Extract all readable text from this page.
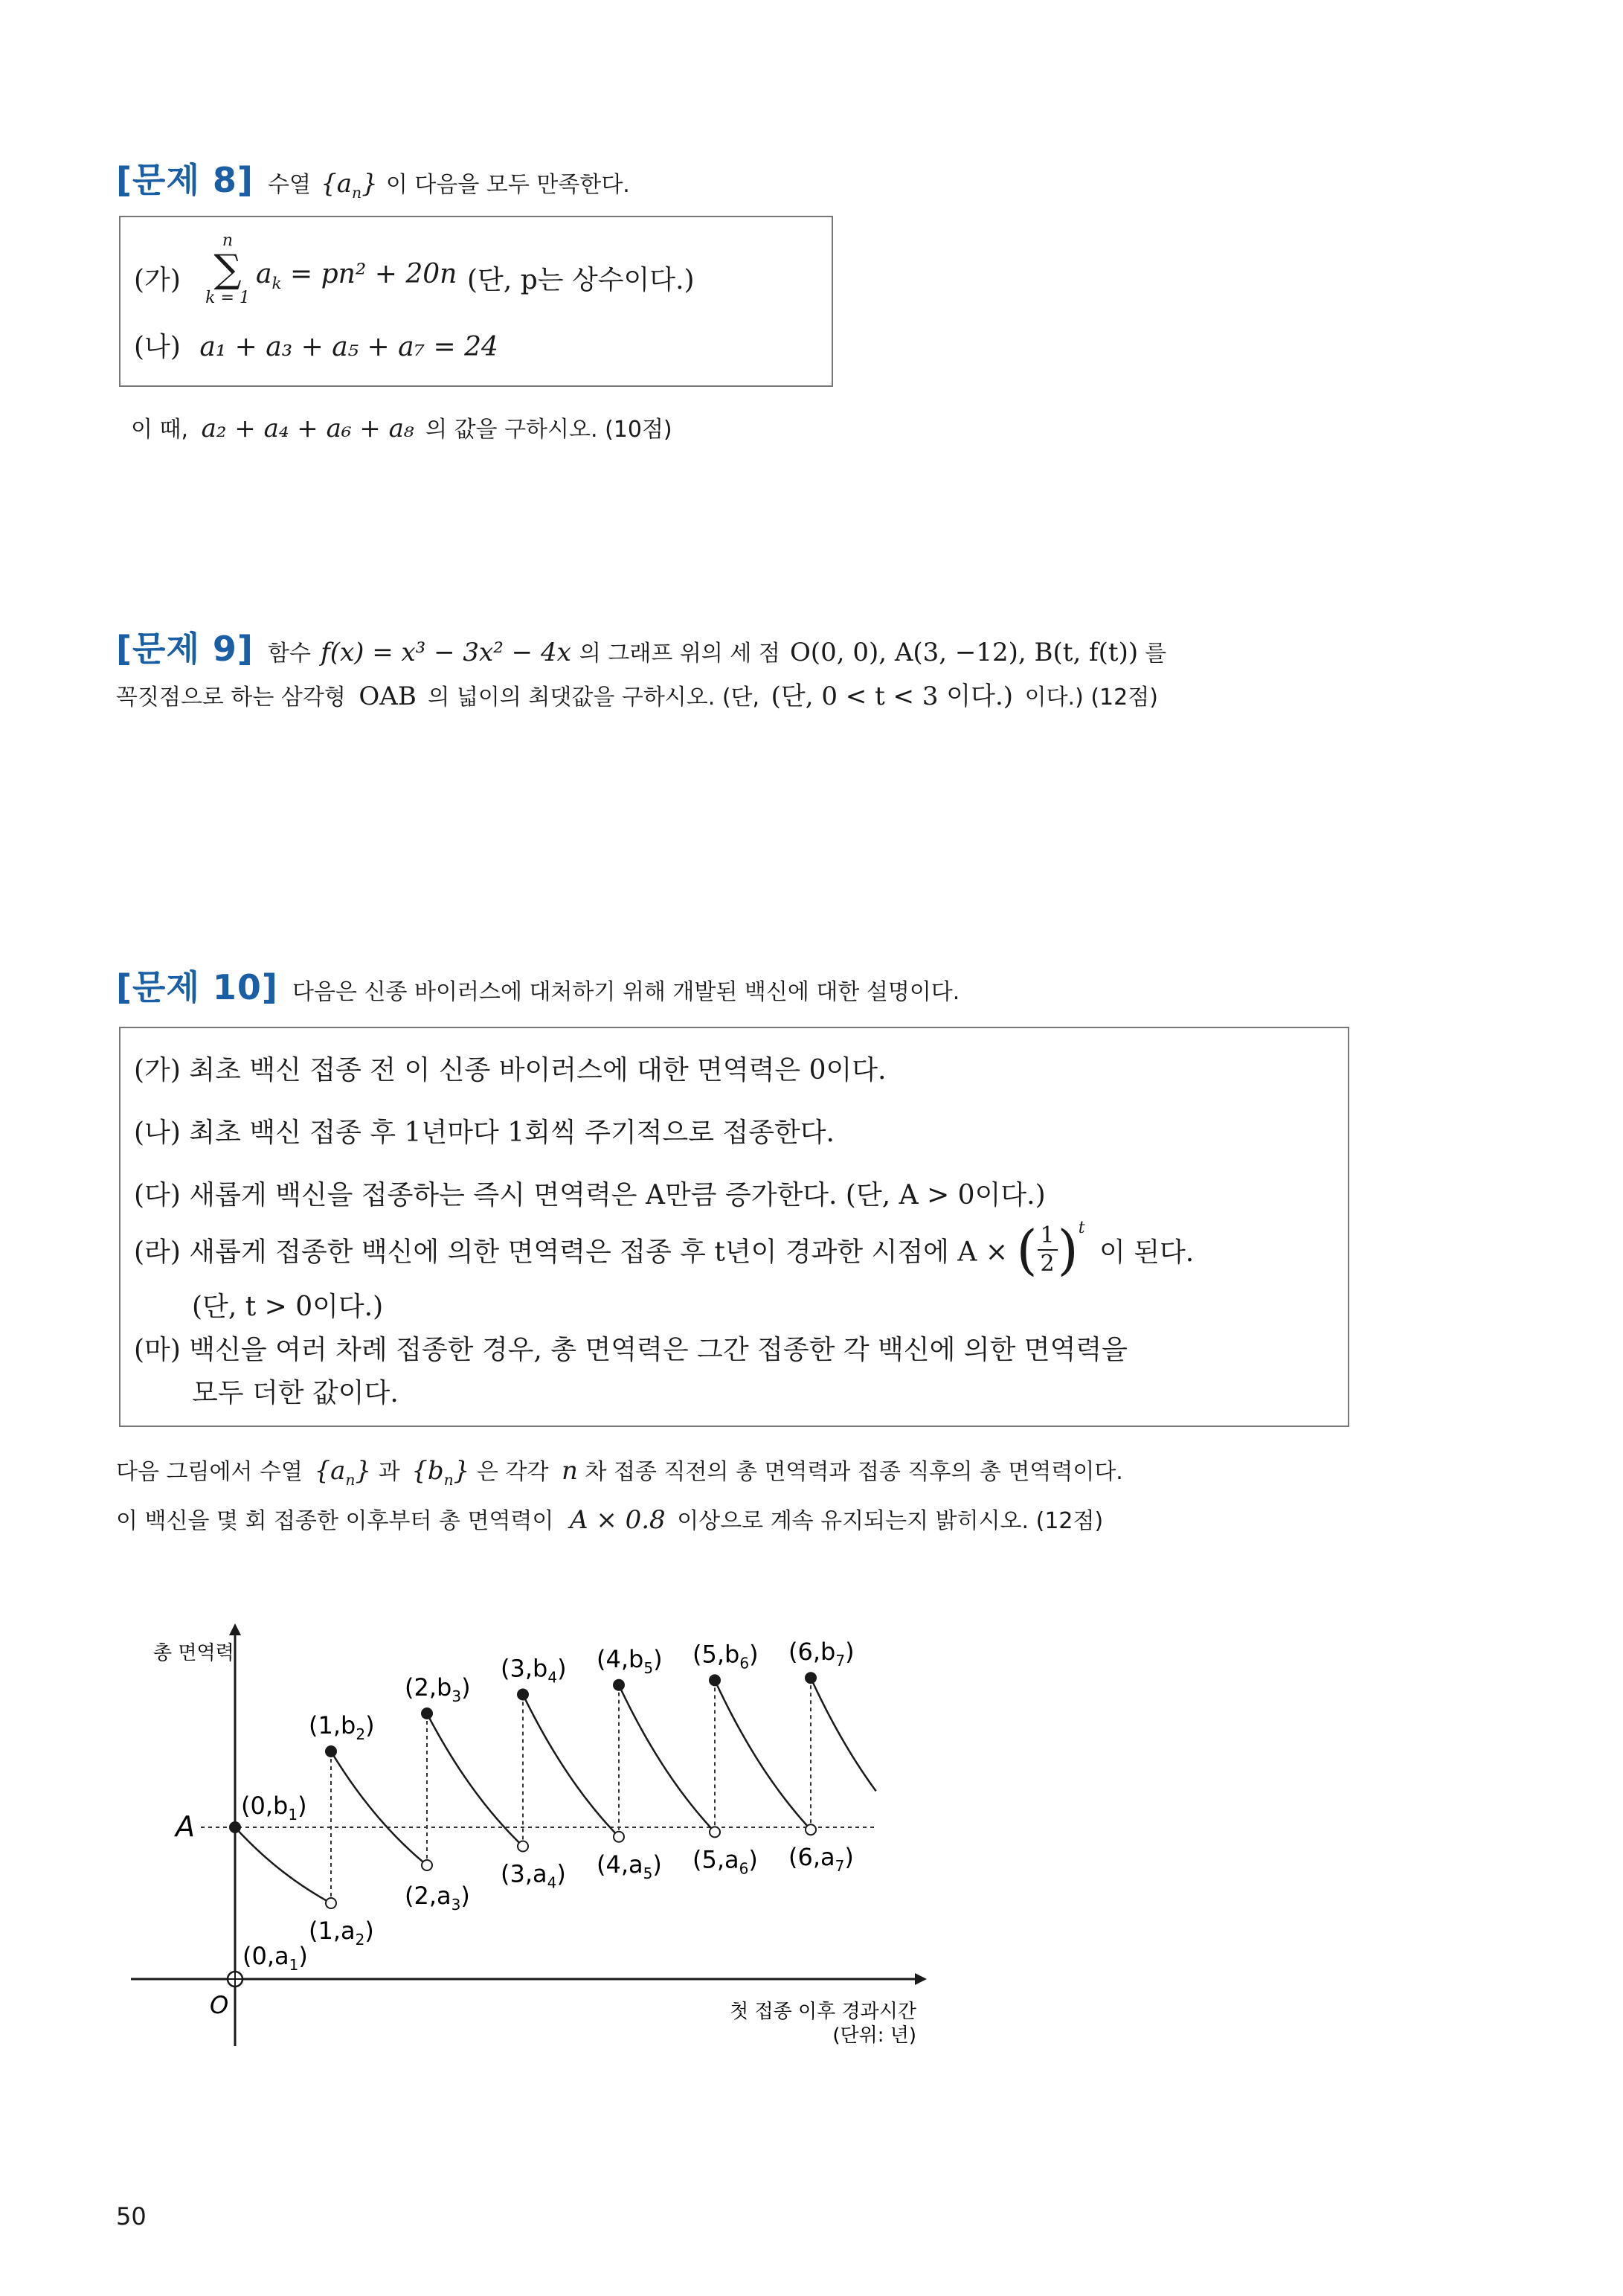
[문제 8] 수열 $\{a_n\}$ 이 다음을 모두 만족한다.
(가)
n
∑
k = 1
$a_k = pn^2 + 20n$ (단, p는 상수이다.)
(나) a₁ + a₃ + a₅ + a₇ = 24
이 때, a₂ + a₄ + a₆ + a₈ 의 값을 구하시오. (10점)
[문제 9] 함수 f(x) = x³ − 3x² − 4x 의 그래프 위의 세 점 O(0, 0), A(3, −12), B(t, f(t)) 를
꼭짓점으로 하는 삼각형 OAB 의 넓이의 최댓값을 구하시오. (단, (단, 0 < t < 3 이다.) 이다.) (12점)
[문제 10] 다음은 신종 바이러스에 대처하기 위해 개발된 백신에 대한 설명이다.
(가) 최초 백신 접종 전 이 신종 바이러스에 대한 면역력은 0이다.
(나) 최초 백신 접종 후 1년마다 1회씩 주기적으로 접종한다.
(다) 새롭게 백신을 접종하는 즉시 면역력은 A만큼 증가한다. (단, A > 0이다.)
(라) 새롭게 접종한 백신에 의한 면역력은 접종 후 t년이 경과한 시점에 A × ( $\frac{1}{2} )^t$ 이 된다.
(단, t > 0이다.)
(마) 백신을 여러 차례 접종한 경우, 총 면역력은 그간 접종한 각 백신에 의한 면역력을
모두 더한 값이다.
다음 그림에서 수열 $\{a_n\}$ 과 $\{b_n\}$ 은 각각 n 차 접종 직전의 총 면역력과 접종 직후의 총 면역력이다.
이 백신을 몇 회 접종한 이후부터 총 면역력이 A × 0.8 이상으로 계속 유지되는지 밝히시오. (12점)
$(0,b_1)$
$(0,a_1)$
$(1,b_2)$
$(1,a_2)$
$(2,b_3)$
$(2,a_3)$
$(3,b_4)$
$(3,a_4)$
$(4,b_5)$
$(4,a_5)$
$(5,b_6)$
$(5,a_6)$
$(6,b_7)$
$(6,a_7)$
총 면역력
O
A
첫 접종 이후 경과시간
(단위: 년)
50
